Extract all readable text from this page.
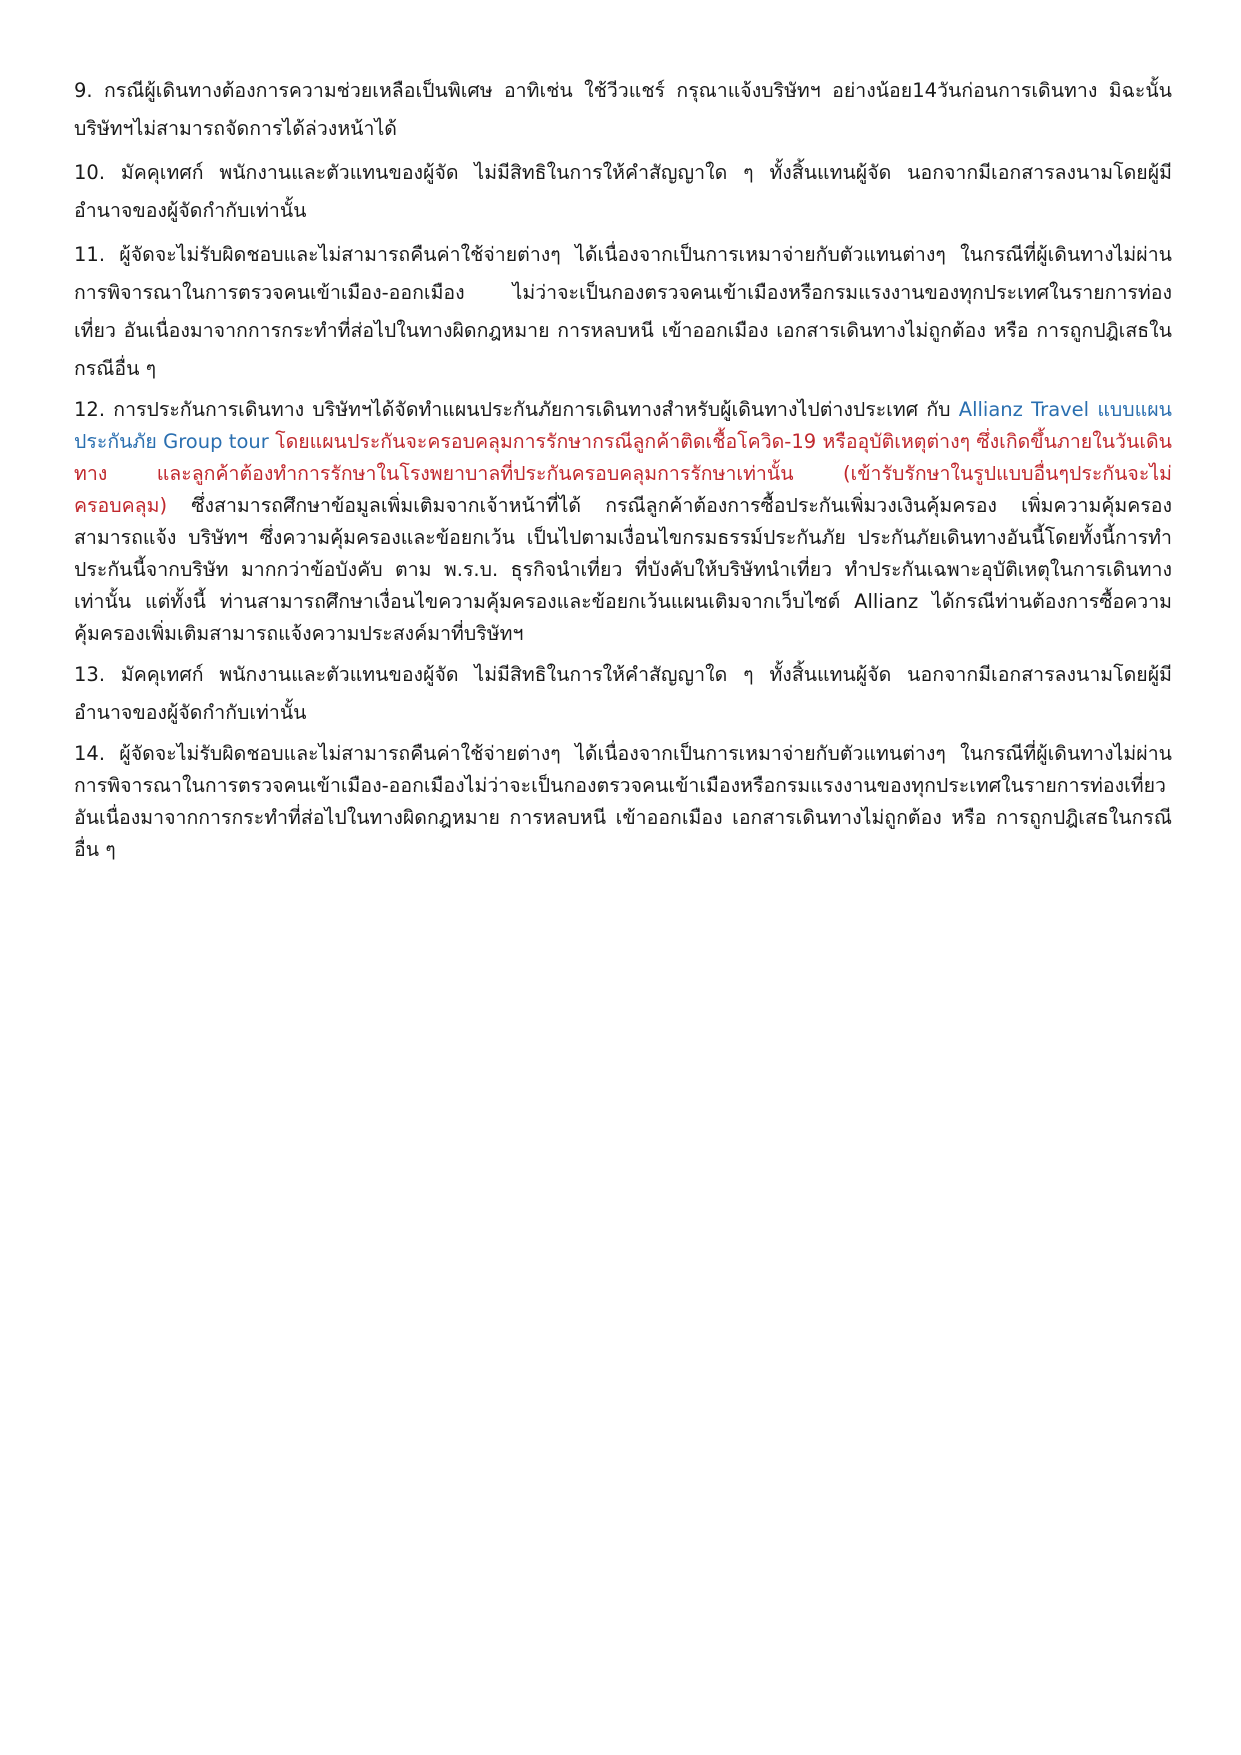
9. กรณีผู้เดินทางต้องการความช่วยเหลือเป็นพิเศษ อาทิเช่น ใช้วีวแชร์ กรุณาแจ้งบริษัทฯ อย่างน้อย14วันก่อนการเดินทาง มิฉะนั้น บริษัทฯไม่สามารถจัดการได้ล่วงหน้าได้

10. มัคคุเทศก์ พนักงานและตัวแทนของผู้จัด ไม่มีสิทธิในการให้คำสัญญาใด ๆ ทั้งสิ้นแทนผู้จัด นอกจากมีเอกสารลงนามโดยผู้มีอำนาจของผู้จัดกำกับเท่านั้น

11. ผู้จัดจะไม่รับผิดชอบและไม่สามารถคืนค่าใช้จ่ายต่างๆ ได้เนื่องจากเป็นการเหมาจ่ายกับตัวแทนต่างๆ ในกรณีที่ผู้เดินทางไม่ผ่านการพิจารณาในการตรวจคนเข้าเมือง-ออกเมือง ไม่ว่าจะเป็นกองตรวจคนเข้าเมืองหรือกรมแรงงานของทุกประเทศในรายการท่องเที่ยว อันเนื่องมาจากการกระทำที่ส่อไปในทางผิดกฎหมาย การหลบหนี เข้าออกเมือง เอกสารเดินทางไม่ถูกต้อง หรือ การถูกปฎิเสธในกรณีอื่น ๆ

12. การประกันการเดินทาง บริษัทฯได้จัดทำแผนประกันภัยการเดินทางสำหรับผู้เดินทางไปต่างประเทศ กับ Allianz Travel แบบแผนประกันภัย Group tour โดยแผนประกันจะครอบคลุมการรักษากรณีลูกค้าติดเชื้อโควิด-19 หรืออุบัติเหตุต่างๆ ซึ่งเกิดขึ้นภายในวันเดินทาง และลูกค้าต้องทำการรักษาในโรงพยาบาลที่ประกันครอบคลุมการรักษาเท่านั้น (เข้ารับรักษาในรูปแบบอื่นๆประกันจะไม่ครอบคลุม) ซึ่งสามารถศึกษาข้อมูลเพิ่มเติมจากเจ้าหน้าที่ได้ กรณีลูกค้าต้องการซื้อประกันเพิ่มวงเงินคุ้มครอง เพิ่มความคุ้มครอง สามารถแจ้ง บริษัทฯ ซึ่งความคุ้มครองและข้อยกเว้น เป็นไปตามเงื่อนไขกรมธรรม์ประกันภัย ประกันภัยเดินทางอันนี้โดยทั้งนี้การทำประกันนี้จากบริษัท มากกว่าข้อบังคับ ตาม พ.ร.บ. ธุรกิจนำเที่ยว ที่บังคับให้บริษัทนำเที่ยว ทำประกันเฉพาะอุบัติเหตุในการเดินทางเท่านั้น แต่ทั้งนี้ ท่านสามารถศึกษาเงื่อนไขความคุ้มครองและข้อยกเว้นแผนเติมจากเว็บไซต์ Allianz ได้กรณีท่านต้องการซื้อความคุ้มครองเพิ่มเติมสามารถแจ้งความประสงค์มาที่บริษัทฯ

13. มัคคุเทศก์ พนักงานและตัวแทนของผู้จัด ไม่มีสิทธิในการให้คำสัญญาใด ๆ ทั้งสิ้นแทนผู้จัด นอกจากมีเอกสารลงนามโดยผู้มีอำนาจของผู้จัดกำกับเท่านั้น

14. ผู้จัดจะไม่รับผิดชอบและไม่สามารถคืนค่าใช้จ่ายต่างๆ ได้เนื่องจากเป็นการเหมาจ่ายกับตัวแทนต่างๆ ในกรณีที่ผู้เดินทางไม่ผ่านการพิจารณาในการตรวจคนเข้าเมือง-ออกเมืองไม่ว่าจะเป็นกองตรวจคนเข้าเมืองหรือกรมแรงงานของทุกประเทศในรายการท่องเที่ยว อันเนื่องมาจากการกระทำที่ส่อไปในทางผิดกฎหมาย การหลบหนี เข้าออกเมือง เอกสารเดินทางไม่ถูกต้อง หรือ การถูกปฎิเสธในกรณีอื่น ๆ
